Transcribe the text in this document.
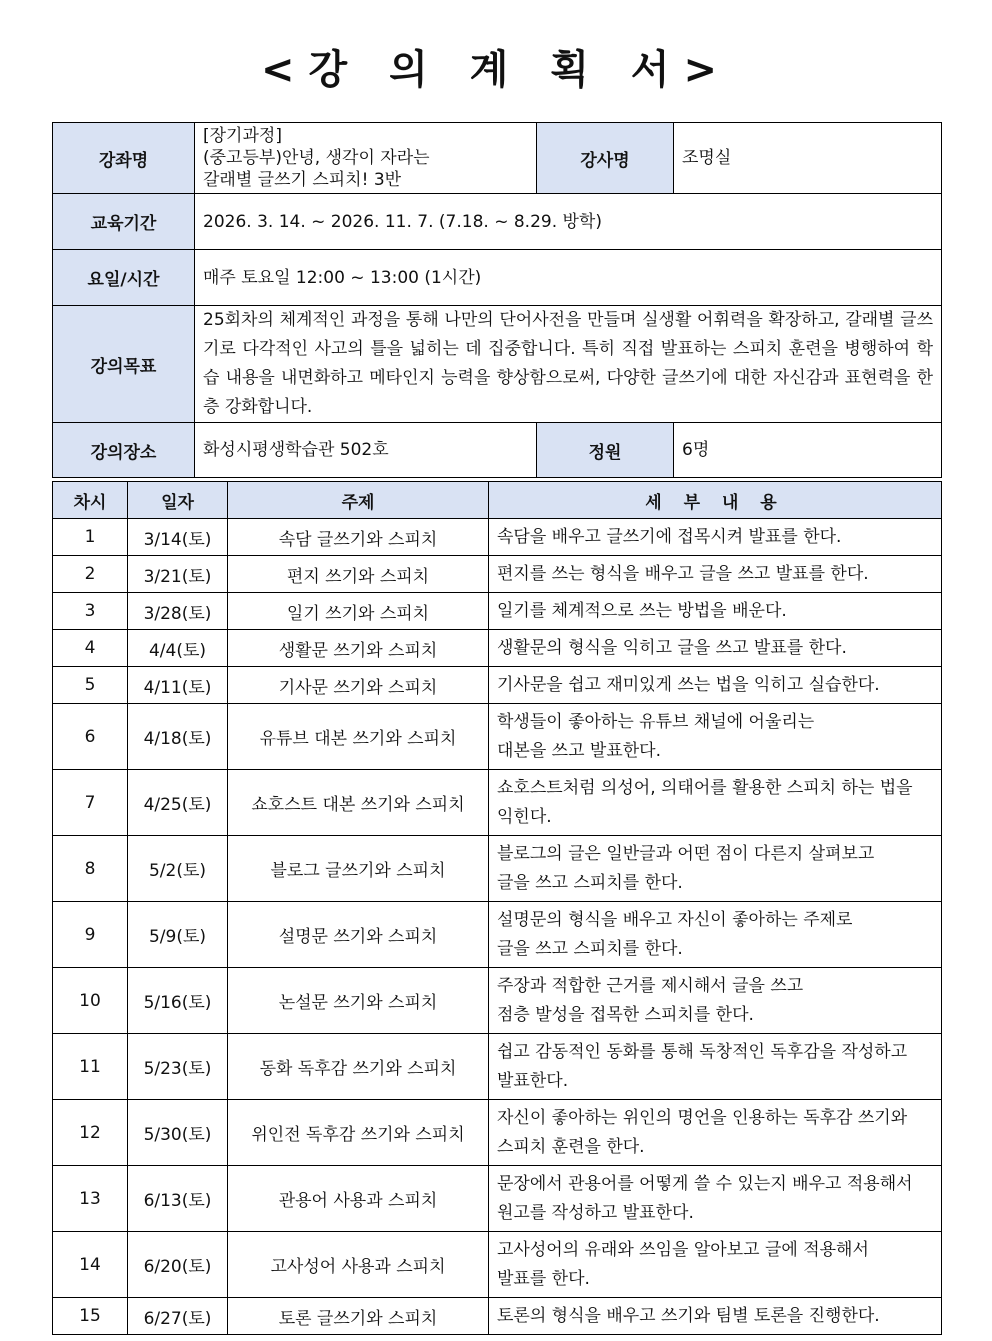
<강 의 계 획 서>
강좌명	[장기과정]
(중고등부)안녕, 생각이 자라는
갈래별 글쓰기 스피치! 3반	강사명	조명실
교육기간	2026. 3. 14. ~ 2026. 11. 7. (7.18. ~ 8.29. 방학)		
요일/시간	매주 토요일 12:00 ~ 13:00 (1시간)		
강의목표	25회차의 체계적인 과정을 통해 나만의 단어사전을 만들며 실생활 어휘력을 확장하고, 갈래별 글쓰기로 다각적인 사고의 틀을 넓히는 데 집중합니다. 특히 직접 발표하는 스피치 훈련을 병행하여 학습 내용을 내면화하고 메타인지 능력을 향상함으로써, 다양한 글쓰기에 대한 자신감과 표현력을 한층 강화합니다.		
강의장소	화성시평생학습관 502호	정원	6명
차시	일자	주제	세 부 내 용
1	3/14(토)	속담 글쓰기와 스피치	속담을 배우고 글쓰기에 접목시켜 발표를 한다.

2	3/21(토)	편지 쓰기와 스피치	편지를 쓰는 형식을 배우고 글을 쓰고 발표를 한다.

3	3/28(토)	일기 쓰기와 스피치	일기를 체계적으로 쓰는 방법을 배운다.

4	4/4(토)	생활문 쓰기와 스피치	생활문의 형식을 익히고 글을 쓰고 발표를 한다.

5	4/11(토)	기사문 쓰기와 스피치	기사문을 쉽고 재미있게 쓰는 법을 익히고 실습한다.

6	4/18(토)	유튜브 대본 쓰기와 스피치	학생들이 좋아하는 유튜브 채널에 어울리는
대본을 쓰고 발표한다.

7	4/25(토)	쇼호스트 대본 쓰기와 스피치	쇼호스트처럼 의성어, 의태어를 활용한 스피치 하는 법을
익힌다.

8	5/2(토)	블로그 글쓰기와 스피치	블로그의 글은 일반글과 어떤 점이 다른지 살펴보고
글을 쓰고 스피치를 한다.

9	5/9(토)	설명문 쓰기와 스피치	설명문의 형식을 배우고 자신이 좋아하는 주제로
글을 쓰고 스피치를 한다.

10	5/16(토)	논설문 쓰기와 스피치	주장과 적합한 근거를 제시해서 글을 쓰고
점층 발성을 접목한 스피치를 한다.

11	5/23(토)	동화 독후감 쓰기와 스피치	쉽고 감동적인 동화를 통해 독창적인 독후감을 작성하고
발표한다.

12	5/30(토)	위인전 독후감 쓰기와 스피치	자신이 좋아하는 위인의 명언을 인용하는 독후감 쓰기와
스피치 훈련을 한다.

13	6/13(토)	관용어 사용과 스피치	문장에서 관용어를 어떻게 쓸 수 있는지 배우고 적용해서
원고를 작성하고 발표한다.

14	6/20(토)	고사성어 사용과 스피치	고사성어의 유래와 쓰임을 알아보고 글에 적용해서
발표를 한다.

15	6/27(토)	토론 글쓰기와 스피치	토론의 형식을 배우고 쓰기와 팀별 토론을 진행한다.
